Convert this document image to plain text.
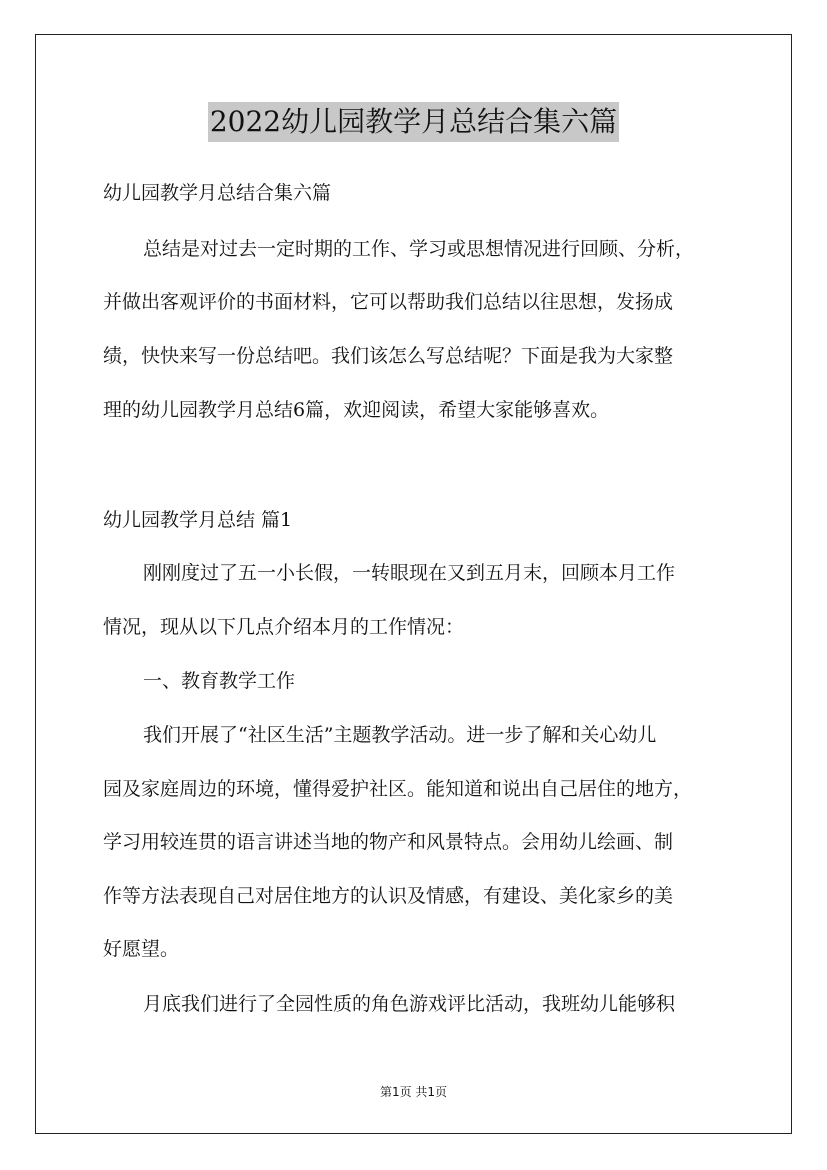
2022幼儿园教学月总结合集六篇
幼儿园教学月总结合集六篇
总结是对过去一定时期的工作、学习或思想情况进行回顾、分析，
并做出客观评价的书面材料，它可以帮助我们总结以往思想，发扬成
绩，快快来写一份总结吧。我们该怎么写总结呢？下面是我为大家整
理的幼儿园教学月总结6篇，欢迎阅读，希望大家能够喜欢。
幼儿园教学月总结 篇1
刚刚度过了五一小长假，一转眼现在又到五月末，回顾本月工作
情况，现从以下几点介绍本月的工作情况：
一、教育教学工作
我们开展了“社区生活”主题教学活动。进一步了解和关心幼儿
园及家庭周边的环境，懂得爱护社区。能知道和说出自己居住的地方，
学习用较连贯的语言讲述当地的物产和风景特点。会用幼儿绘画、制
作等方法表现自己对居住地方的认识及情感，有建设、美化家乡的美
好愿望。
月底我们进行了全园性质的角色游戏评比活动，我班幼儿能够积
第1页 共1页
